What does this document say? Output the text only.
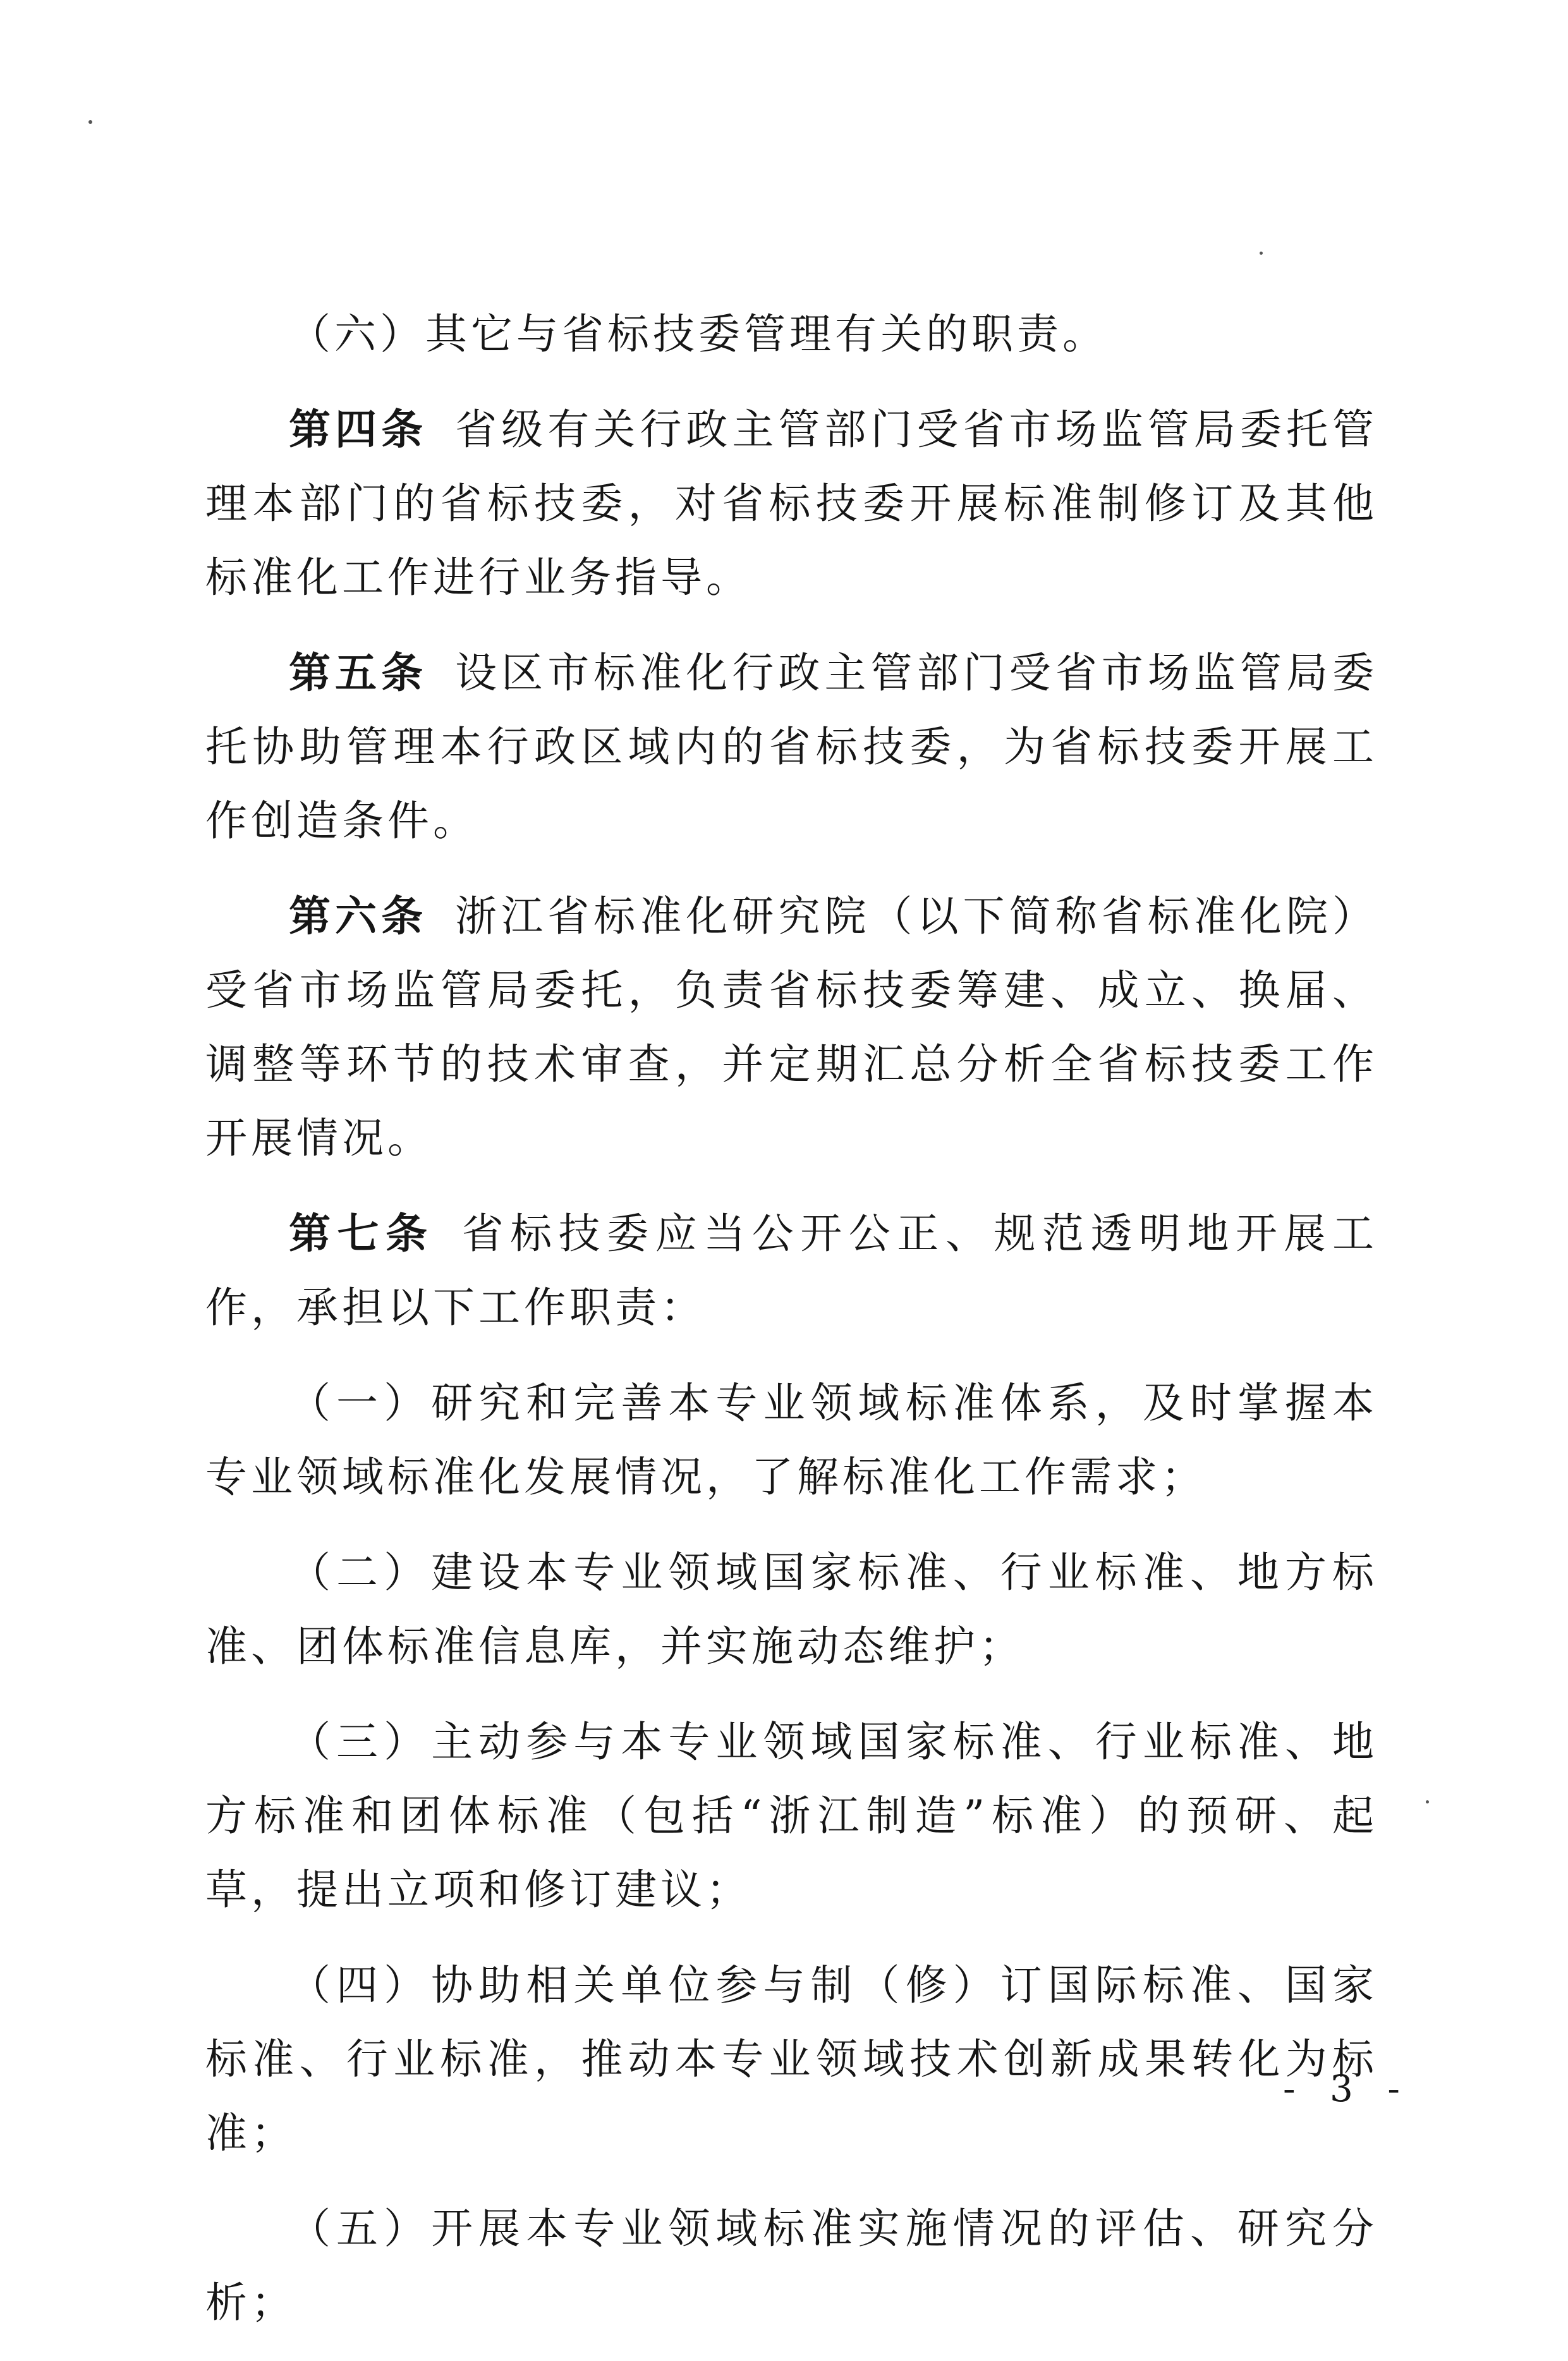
（六）其它与省标技委管理有关的职责。

第四条 省级有关行政主管部门受省市场监管局委托管理本部门的省标技委，对省标技委开展标准制修订及其他标准化工作进行业务指导。

第五条 设区市标准化行政主管部门受省市场监管局委托协助管理本行政区域内的省标技委，为省标技委开展工作创造条件。

第六条 浙江省标准化研究院（以下简称省标准化院）受省市场监管局委托，负责省标技委筹建、成立、换届、调整等环节的技术审查，并定期汇总分析全省标技委工作开展情况。

第七条 省标技委应当公开公正、规范透明地开展工作，承担以下工作职责：

（一）研究和完善本专业领域标准体系，及时掌握本专业领域标准化发展情况，了解标准化工作需求；

（二）建设本专业领域国家标准、行业标准、地方标准、团体标准信息库，并实施动态维护；

（三）主动参与本专业领域国家标准、行业标准、地方标准和团体标准（包括“浙江制造”标准）的预研、起草，提出立项和修订建议；

（四）协助相关单位参与制（修）订国际标准、国家标准、行业标准，推动本专业领域技术创新成果转化为标准；

（五）开展本专业领域标准实施情况的评估、研究分析；

- 3 -
